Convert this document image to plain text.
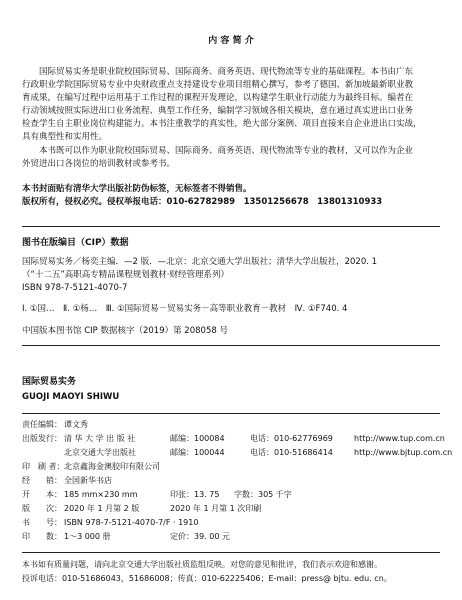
内 容 简 介
国际贸易实务是职业院校国际贸易、国际商务、商务英语、现代物流等专业的基础课程。本书由广东
行政职业学院国际贸易专业中央财政重点支持建设专业项目组精心撰写，参考了德国、新加坡最新职业教
育成果，在编写过程中运用基于工作过程的课程开发理论，以构建学生职业行动能力为最终目标。编者在
行动领域按照实际进出口业务流程、典型工作任务，编制学习领域各相关模块，意在通过真实进出口业务
检查学生自主职业岗位构建能力。本书注重教学的真实性，绝大部分案例、项目直接来自企业进出口实战，
具有典型性和实用性。
本书既可以作为职业院校国际贸易、国际商务、商务英语、现代物流等专业的教材，又可以作为企业
外贸进出口各岗位的培训教材或参考书。
本书封面贴有清华大学出版社防伪标签，无标签者不得销售。
版权所有，侵权必究。侵权举报电话：010-62782989　13501256678　13801310933
图书在版编目（CIP）数据
国际贸易实务／杨奕主编．—2 版．—北京：北京交通大学出版社；清华大学出版社，2020. 1
（“十二五”高职高专精品课程规划教材·财经管理系列）
ISBN 978-7-5121-4070-7
Ⅰ. ①国…　Ⅱ. ①杨…　Ⅲ. ①国际贸易－贸易实务－高等职业教育－教材　Ⅳ. ①F740. 4
中国版本图书馆 CIP 数据核字（2019）第 208058 号
国际贸易实务
GUOJI MAOYI SHIWU
责任编辑： 谭文秀
出版发行： 清 华 大 学 出 版 社	邮编：100084	电话：010-62776969	http://www.tup.com.cn
北京交通大学出版社	邮编：100044	电话：010-51686414	http://www.bjtup.com.cn
印　刷 者： 北京鑫海金澳胶印有限公司
经　　销： 全国新华书店
开　　本： 185 mm×230 mm	印张：13. 75 字数：305 千字
版　　次： 2020 年 1 月第 2 版	2020 年 1 月第 1 次印刷
书　　号： ISBN 978-7-5121-4070-7/F · 1910
印　　数： 1～3 000 册	定价：39. 00 元
本书如有质量问题，请向北京交通大学出版社质监组反映。对您的意见和批评，我们表示欢迎和感谢。
投诉电话：010-51686043，51686008；传真：010-62225406；E-mail：press@ bjtu. edu. cn。
